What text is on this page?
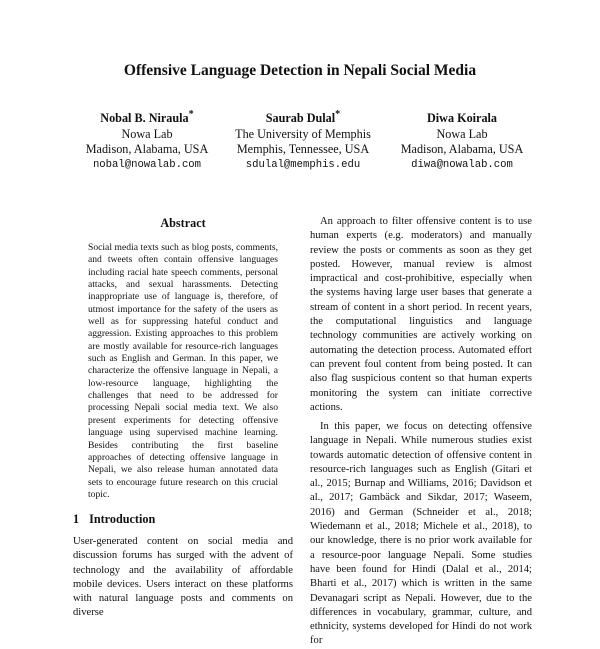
Offensive Language Detection in Nepali Social Media
Nobal B. Niraula*
Nowa Lab
Madison, Alabama, USA
nobal@nowalab.com
Saurab Dulal*
The University of Memphis
Memphis, Tennessee, USA
sdulal@memphis.edu
Diwa Koirala
Nowa Lab
Madison, Alabama, USA
diwa@nowalab.com
Abstract

Social media texts such as blog posts, comments, and tweets often contain offensive languages including racial hate speech comments, personal attacks, and sexual harassments. Detecting inappropriate use of language is, therefore, of utmost importance for the safety of the users as well as for suppressing hateful conduct and aggression. Existing approaches to this problem are mostly available for resource-rich languages such as English and German. In this paper, we characterize the offensive language in Nepali, a low-resource language, highlighting the challenges that need to be addressed for processing Nepali social media text. We also present experiments for detecting offensive language using supervised machine learning. Besides contributing the first baseline approaches of detecting offensive language in Nepali, we also release human annotated data sets to encourage future research on this crucial topic.

1 Introduction

User-generated content on social media and discussion forums has surged with the advent of technology and the availability of affordable mobile devices. Users interact on these platforms with natural language posts and comments on diverse

An approach to filter offensive content is to use human experts (e.g. moderators) and manually review the posts or comments as soon as they get posted. However, manual review is almost impractical and cost-prohibitive, especially when the systems having large user bases that generate a stream of content in a short period. In recent years, the computational linguistics and language technology communities are actively working on automating the detection process. Automated effort can prevent foul content from being posted. It can also flag suspicious content so that human experts monitoring the system can initiate corrective actions.

In this paper, we focus on detecting offensive language in Nepali. While numerous studies exist towards automatic detection of offensive content in resource-rich languages such as English (Gitari et al., 2015; Burnap and Williams, 2016; Davidson et al., 2017; Gambäck and Sikdar, 2017; Waseem, 2016) and German (Schneider et al., 2018; Wiedemann et al., 2018; Michele et al., 2018), to our knowledge, there is no prior work available for a resource-poor language Nepali. Some studies have been found for Hindi (Dalal et al., 2014; Bharti et al., 2017) which is written in the same Devanagari script as Nepali. However, due to the differences in vocabulary, grammar, culture, and ethnicity, systems developed for Hindi do not work for
